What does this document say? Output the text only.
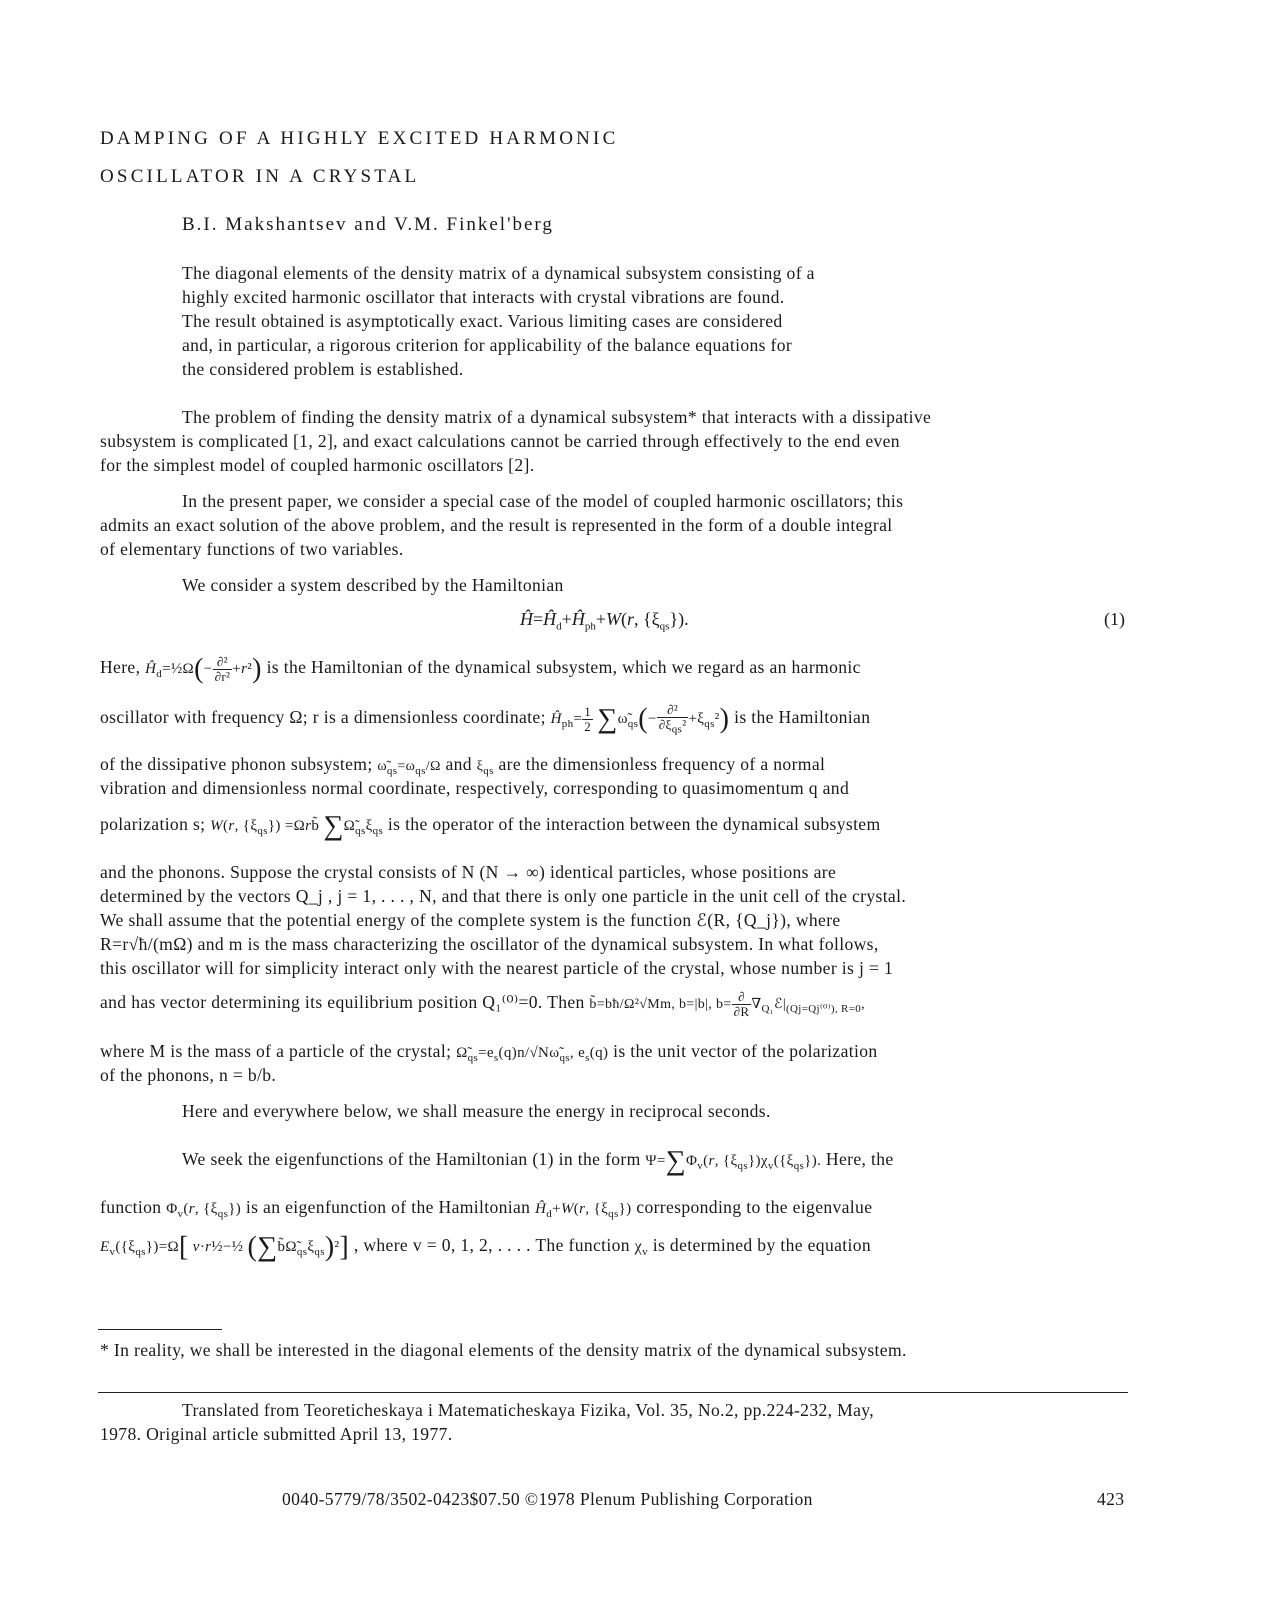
DAMPING OF A HIGHLY EXCITED HARMONIC
OSCILLATOR IN A CRYSTAL
B.I. Makshantsev and V.M. Finkel'berg
The diagonal elements of the density matrix of a dynamical subsystem consisting of a
highly excited harmonic oscillator that interacts with crystal vibrations are found.
The result obtained is asymptotically exact. Various limiting cases are considered
and, in particular, a rigorous criterion for applicability of the balance equations for
the considered problem is established.
The problem of finding the density matrix of a dynamical subsystem* that interacts with a dissipative
subsystem is complicated [1, 2], and exact calculations cannot be carried through effectively to the end even
for the simplest model of coupled harmonic oscillators [2].
In the present paper, we consider a special case of the model of coupled harmonic oscillators; this
admits an exact solution of the above problem, and the result is represented in the form of a double integral
of elementary functions of two variables.
We consider a system described by the Hamiltonian
$Ĥ=Ĥ_d+Ĥ_{ph}+W(r$, $\{\xi_{qs}\}$).	(1)
Here, $Ĥ_d=\frac{1}{2}\Omega(- \frac{\text{∂²}}{\text{∂r²}} +r^2)$ is the Hamiltonian of the dynamical subsystem, which we regard as an harmonic
oscillator with frequency Ω; r is a dimensionless coordinate; $Ĥ_{ph}= \frac{1}{2}$ $\sum\omegã_{qs}(- \frac{\text{∂²}}{\partial\xi_{qs}^2} +\xi_{qs}^2)$ is the Hamiltonian
of the dissipative phonon subsystem; $\omegã_{qs}=\omega_{qs}/\Omega$ and $\xi_{qs}$ are the dimensionless frequency of a normal
vibration and dimensionless normal coordinate, respectively, corresponding to quasimomentum q and
polarization s; W(r, $\{\xi_{qs}\}$) =Ωrb̃ $\sum\Omegã_{qs}\xi_{qs}$ is the operator of the interaction between the dynamical subsystem
and the phonons. Suppose the crystal consists of N (N → ∞) identical particles, whose positions are
determined by the vectors Q_j , j = 1, . . . , N, and that there is only one particle in the unit cell of the crystal.
We shall assume that the potential energy of the complete system is the function ℰ(R, {Q_j}), where
R=r√ħ/(mΩ) and m is the mass characterizing the oscillator of the dynamical subsystem. In what follows,
this oscillator will for simplicity interact only with the nearest particle of the crystal, whose number is j = 1
and has vector determining its equilibrium position Q₁⁽⁰⁾=0. Then b̃=bħ/Ω²√Mm, b=|b|, $b= \frac{\partial}{\partial R}$ $\nabla_{Q_1}ℰ|_{(Qj=Qj^{(0)}), R=0}$,
where M is the mass of a particle of the crystal; $\Omegã_{qs}=e_s(q)n/√N\omegã_{qs}$, $e_s(q)$ is the unit vector of the polarization
of the phonons, n = b/b.
Here and everywhere below, we shall measure the energy in reciprocal seconds.
We seek the eigenfunctions of the Hamiltonian (1) in the form $\Psi=\sum\Phi_v(r$, $\{\xi_{qs}\})\chi_v(\{\xi_{qs}\})$. Here, the
function $\Phi_v(r$, $\{\xi_{qs}\}$) is an eigenfunction of the Hamiltonian $Ĥ_d+W(r$, $\{\xi_{qs}\}$) corresponding to the eigenvalue
$E_v(\{\xi_{qs}\})=\Omega$[ v·r½−½ $(\sum b̃\Omegã_{qs}\xi_{qs})^2$] , where v = 0, 1, 2, . . . . The function $\chi_v$ is determined by the equation
* In reality, we shall be interested in the diagonal elements of the density matrix of the dynamical subsystem.
Translated from Teoreticheskaya i Matematicheskaya Fizika, Vol. 35, No.2, pp.224-232, May,
1978. Original article submitted April 13, 1977.
0040-5779/78/3502-0423$07.50 ©1978 Plenum Publishing Corporation	423
